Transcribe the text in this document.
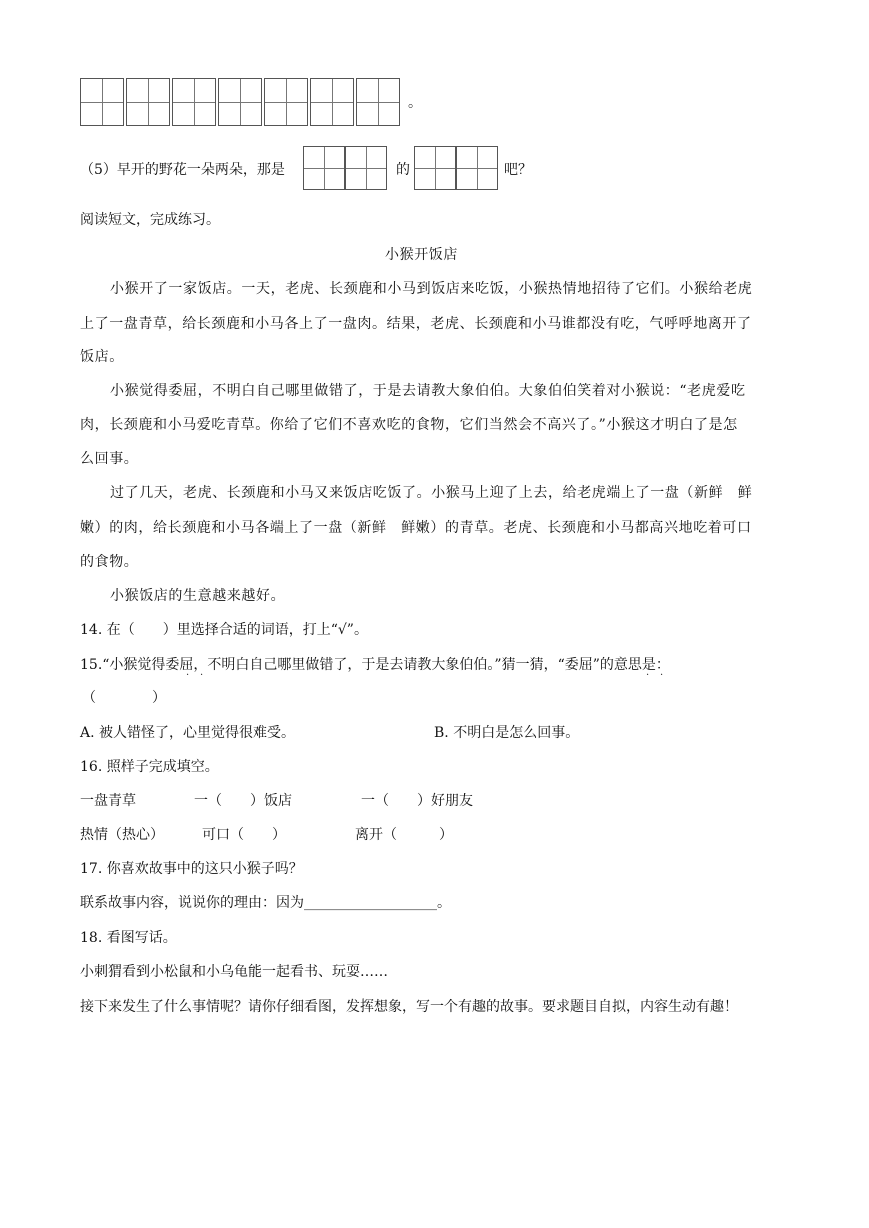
。
（5）早开的野花一朵两朵，那是	的	吧？
阅读短文，完成练习。
小猴开饭店
小猴开了一家饭店。一天，老虎、长颈鹿和小马到饭店来吃饭，小猴热情地招待了它们。小猴给老虎
上了一盘青草，给长颈鹿和小马各上了一盘肉。结果，老虎、长颈鹿和小马谁都没有吃，气呼呼地离开了
饭店。
小猴觉得委屈，不明白自己哪里做错了，于是去请教大象伯伯。大象伯伯笑着对小猴说：“老虎爱吃
肉，长颈鹿和小马爱吃青草。你给了它们不喜欢吃的食物，它们当然会不高兴了。”小猴这才明白了是怎
么回事。
过了几天，老虎、长颈鹿和小马又来饭店吃饭了。小猴马上迎了上去，给老虎端上了一盘（新鲜　鲜
嫩）的肉，给长颈鹿和小马各端上了一盘（新鲜　鲜嫩）的青草。老虎、长颈鹿和小马都高兴地吃着可口
的食物。
小猴饭店的生意越来越好。
14. 在（　　）里选择合适的词语，打上“√”。
15.“小猴觉得委屈，不明白自己哪里做错了，于是去请教大象伯伯。”猜一猜，“委屈”的意思是：
· ·	· ·
（　　　　）
A. 被人错怪了，心里觉得很难受。	B. 不明白是怎么回事。
16. 照样子完成填空。
一盘青草	一（　　）饭店	一（　　）好朋友
热情（热心）	可口（　　）	离开（　　　）
17. 你喜欢故事中的这只小猴子吗？
联系故事内容，说说你的理由：因为___________________。
18. 看图写话。
小刺猬看到小松鼠和小乌龟能一起看书、玩耍……
接下来发生了什么事情呢？请你仔细看图，发挥想象，写一个有趣的故事。要求题目自拟，内容生动有趣！
